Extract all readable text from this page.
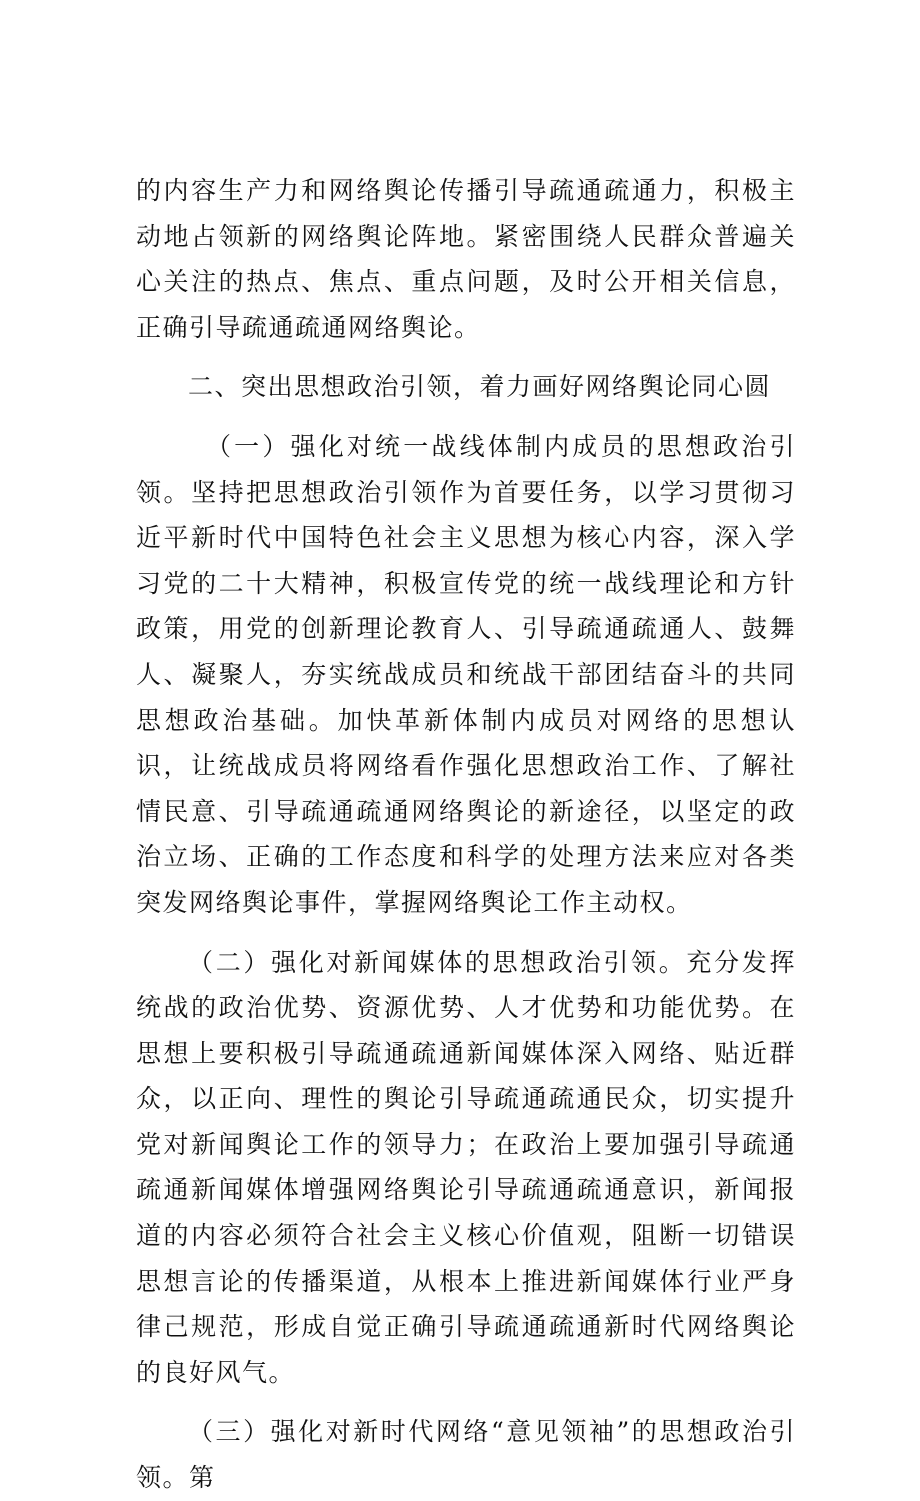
的内容生产力和网络舆论传播引导疏通疏通力，积极主动地占领新的网络舆论阵地。紧密围绕人民群众普遍关心关注的热点、焦点、重点问题，及时公开相关信息，正确引导疏通疏通网络舆论。

二、突出思想政治引领，着力画好网络舆论同心圆

（一）强化对统一战线体制内成员的思想政治引领。坚持把思想政治引领作为首要任务，以学习贯彻习近平新时代中国特色社会主义思想为核心内容，深入学习党的二十大精神，积极宣传党的统一战线理论和方针政策，用党的创新理论教育人、引导疏通疏通人、鼓舞人、凝聚人，夯实统战成员和统战干部团结奋斗的共同思想政治基础。加快革新体制内成员对网络的思想认识，让统战成员将网络看作强化思想政治工作、了解社情民意、引导疏通疏通网络舆论的新途径，以坚定的政治立场、正确的工作态度和科学的处理方法来应对各类突发网络舆论事件，掌握网络舆论工作主动权。

（二）强化对新闻媒体的思想政治引领。充分发挥统战的政治优势、资源优势、人才优势和功能优势。在思想上要积极引导疏通疏通新闻媒体深入网络、贴近群众，以正向、理性的舆论引导疏通疏通民众，切实提升党对新闻舆论工作的领导力；在政治上要加强引导疏通疏通新闻媒体增强网络舆论引导疏通疏通意识，新闻报道的内容必须符合社会主义核心价值观，阻断一切错误思想言论的传播渠道，从根本上推进新闻媒体行业严身律己规范，形成自觉正确引导疏通疏通新时代网络舆论的良好风气。

（三）强化对新时代网络“意见领袖”的思想政治引领。第
